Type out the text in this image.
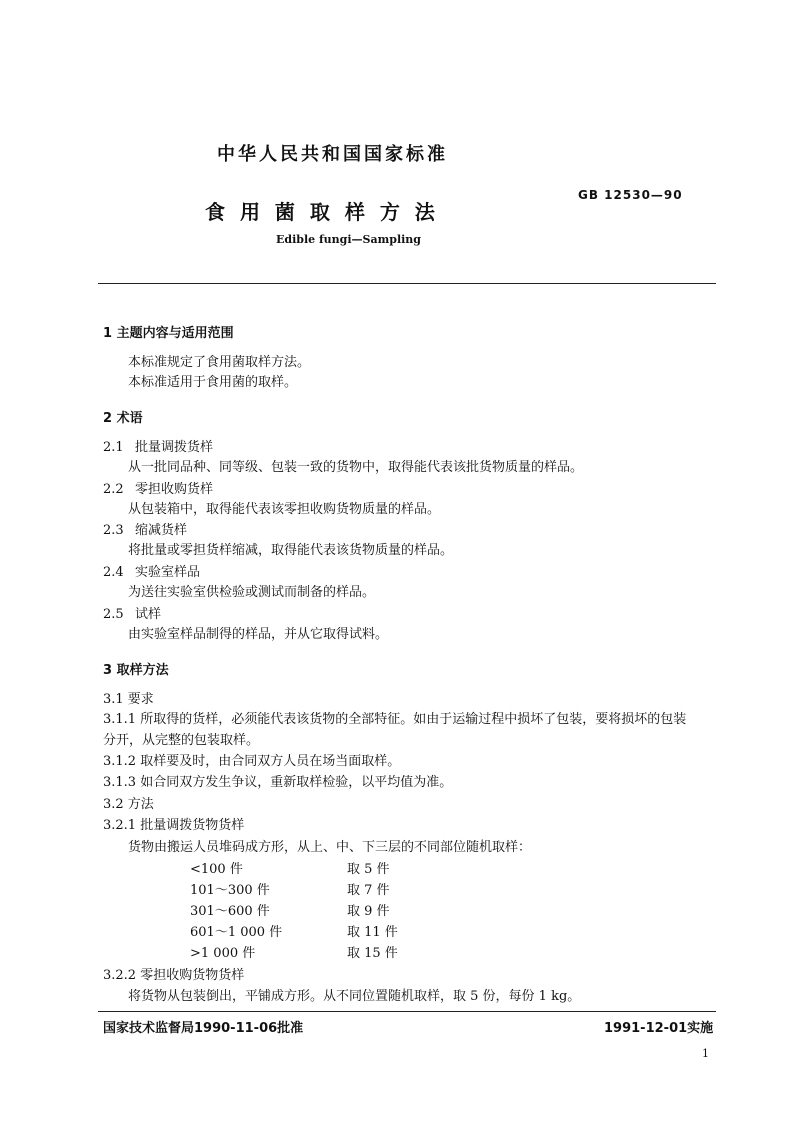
中华人民共和国国家标准
食 用 菌 取 样 方 法
GB 12530—90
Edible fungi—Sampling
1 主题内容与适用范围
本标准规定了食用菌取样方法。
本标准适用于食用菌的取样。
2 术语
2.1 批量调拨货样
从一批同品种、同等级、包装一致的货物中，取得能代表该批货物质量的样品。
2.2 零担收购货样
从包装箱中，取得能代表该零担收购货物质量的样品。
2.3 缩减货样
将批量或零担货样缩减，取得能代表该货物质量的样品。
2.4 实验室样品
为送往实验室供检验或测试而制备的样品。
2.5 试样
由实验室样品制得的样品，并从它取得试料。
3 取样方法
3.1 要求
3.1.1 所取得的货样，必须能代表该货物的全部特征。如由于运输过程中损坏了包装，要将损坏的包装
分开，从完整的包装取样。
3.1.2 取样要及时，由合同双方人员在场当面取样。
3.1.3 如合同双方发生争议，重新取样检验，以平均值为准。
3.2 方法
3.2.1 批量调拨货物货样
货物由搬运人员堆码成方形，从上、中、下三层的不同部位随机取样：
<100 件	取 5 件
101～300 件	取 7 件
301～600 件	取 9 件
601～1 000 件	取 11 件
>1 000 件	取 15 件
3.2.2 零担收购货物货样
将货物从包装倒出，平铺成方形。从不同位置随机取样，取 5 份，每份 1 kg。
国家技术监督局1990-11-06批准	1991-12-01实施
1
